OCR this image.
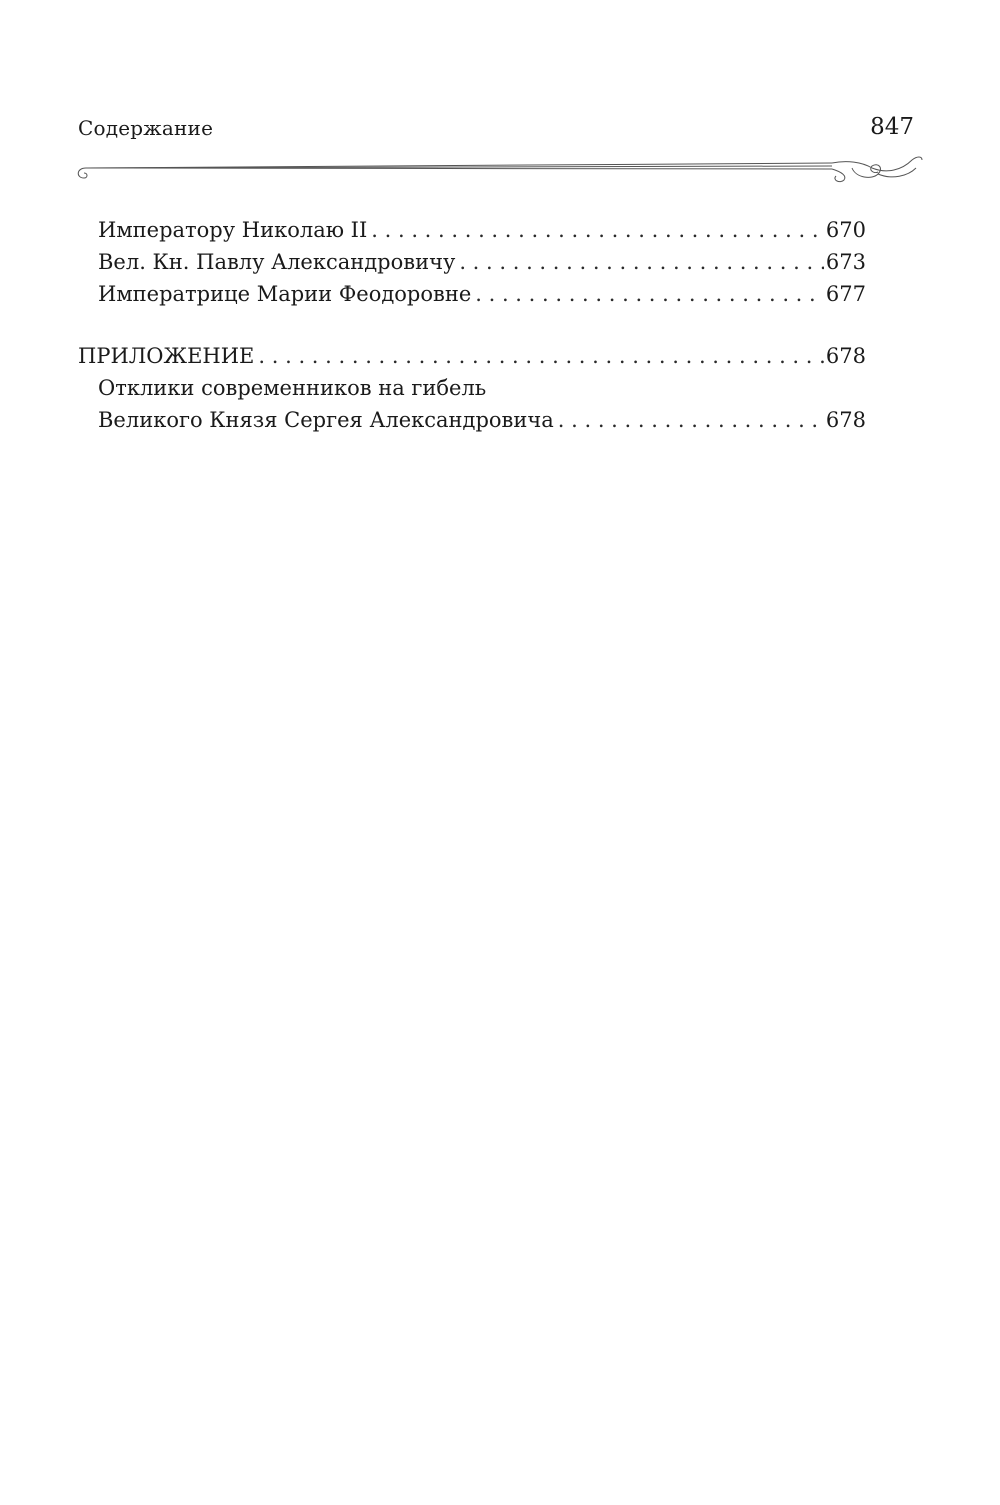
Содержание	847
Императору Николаю II . . .	670
Вел. Кн. Павлу Александровичу . . .	673
Императрице Марии Феодоровне . . .	677
ПРИЛОЖЕНИЕ . . .	678
Отклики современников на гибель
Великого Князя Сергея Александровича . . .	678
